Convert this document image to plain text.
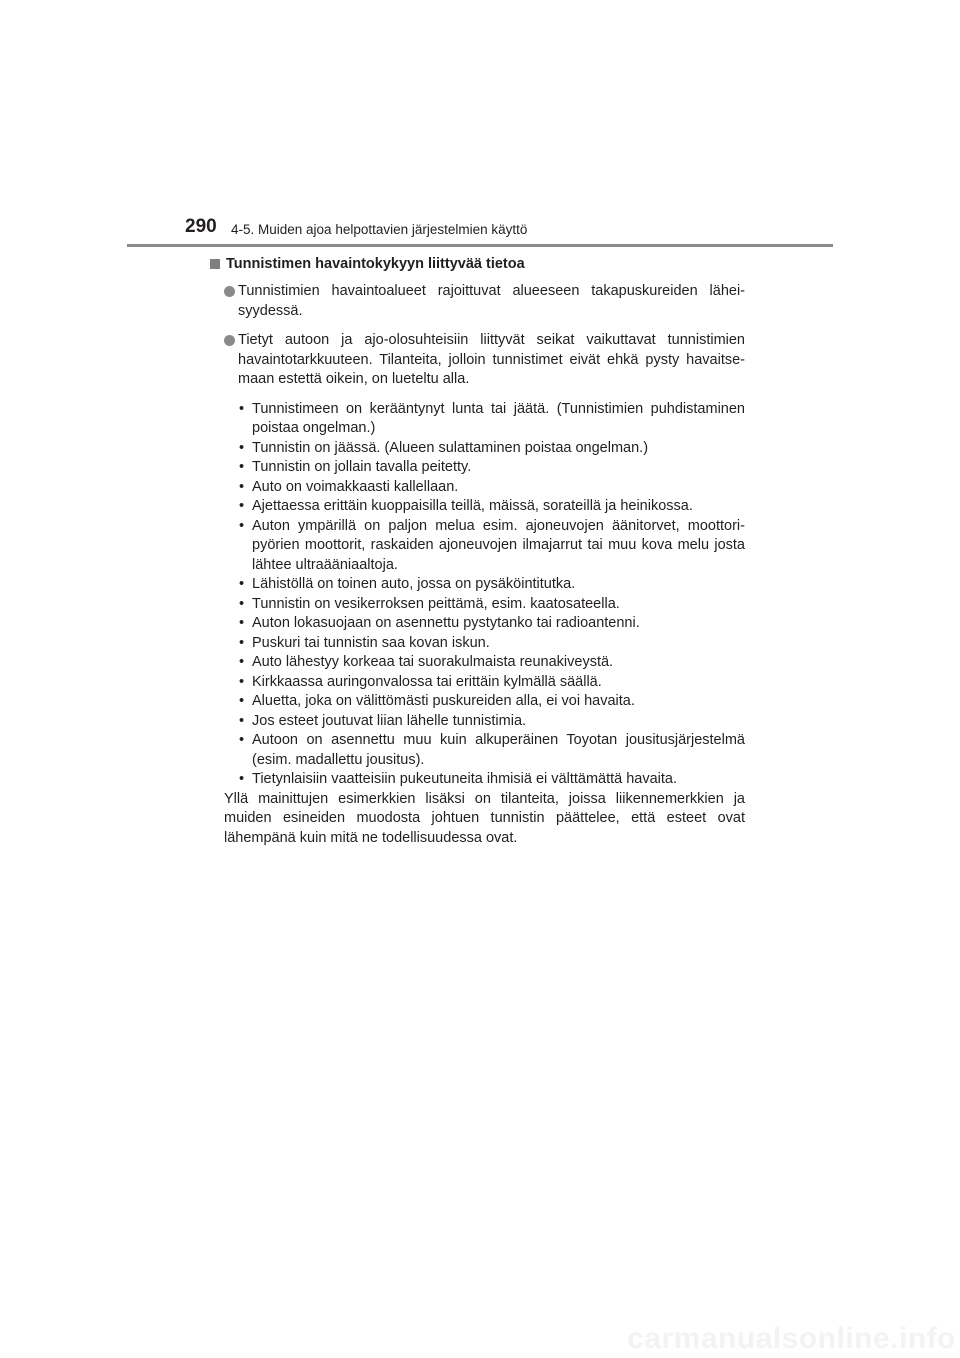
290 4-5. Muiden ajoa helpottavien järjestelmien käyttö
Tunnistimen havaintokykyyn liittyvää tietoa
Tunnistimien havaintoalueet rajoittuvat alueeseen takapuskureiden lähei-syydessä.
Tietyt autoon ja ajo-olosuhteisiin liittyvät seikat vaikuttavat tunnistimien havaintotarkkuuteen. Tilanteita, jolloin tunnistimet eivät ehkä pysty havaitse-maan estettä oikein, on lueteltu alla.
• Tunnistimeen on kerääntynyt lunta tai jäätä. (Tunnistimien puhdistaminen poistaa ongelman.)
• Tunnistin on jäässä. (Alueen sulattaminen poistaa ongelman.)
• Tunnistin on jollain tavalla peitetty.
• Auto on voimakkaasti kallellaan.
• Ajettaessa erittäin kuoppaisilla teillä, mäissä, sorateillä ja heinikossa.
• Auton ympärillä on paljon melua esim. ajoneuvojen äänitorvet, moottori-pyörien moottorit, raskaiden ajoneuvojen ilmajarrut tai muu kova melu josta lähtee ultraääniaaltoja.
• Lähistöllä on toinen auto, jossa on pysäköintitutka.
• Tunnistin on vesikerroksen peittämä, esim. kaatosateella.
• Auton lokasuojaan on asennettu pystytanko tai radioantenni.
• Puskuri tai tunnistin saa kovan iskun.
• Auto lähestyy korkeaa tai suorakulmaista reunakiveystä.
• Kirkkaassa auringonvalossa tai erittäin kylmällä säällä.
• Aluetta, joka on välittömästi puskureiden alla, ei voi havaita.
• Jos esteet joutuvat liian lähelle tunnistimia.
• Autoon on asennettu muu kuin alkuperäinen Toyotan jousitusjärjestelmä (esim. madallettu jousitus).
• Tietynlaisiin vaatteisiin pukeutuneita ihmisiä ei välttämättä havaita.

Yllä mainittujen esimerkkien lisäksi on tilanteita, joissa liikennemerkkien ja muiden esineiden muodosta johtuen tunnistin päättelee, että esteet ovat lähempänä kuin mitä ne todellisuudessa ovat.

carmanualsonline.info
